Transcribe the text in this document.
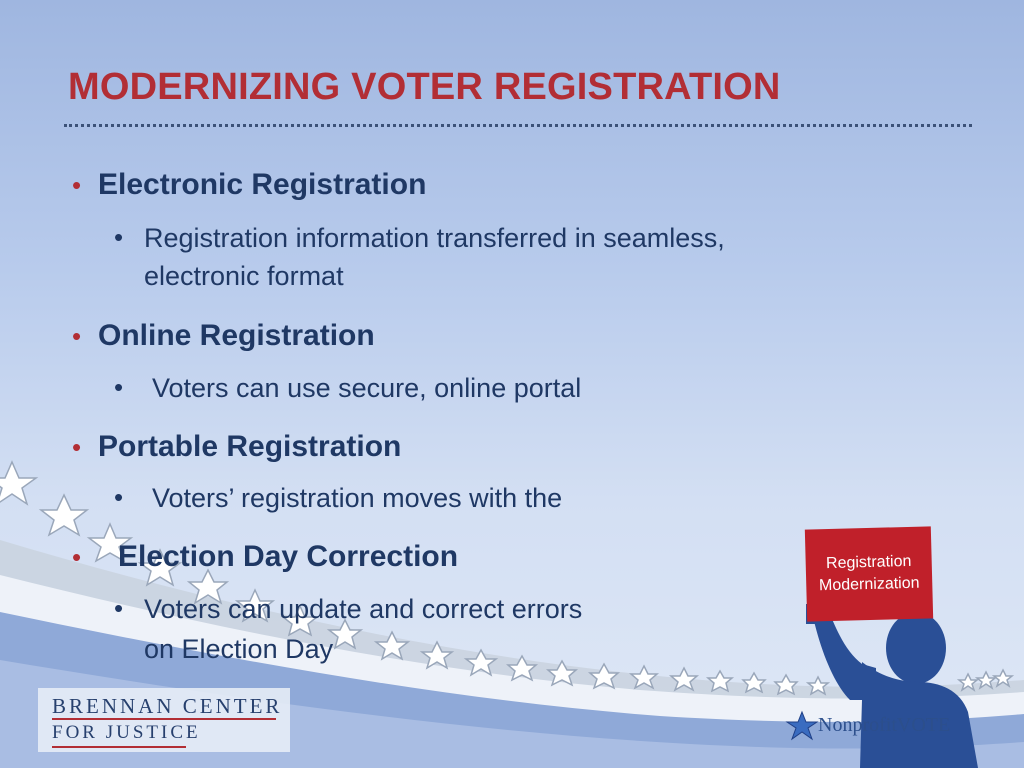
MODERNIZING VOTER REGISTRATION
• Electronic Registration
• Registration information transferred in seamless,
electronic format
• Online Registration
• Voters can use secure, online portal
• Portable Registration
• Voters’ registration moves with the
• Election Day Correction
• Voters can update and correct errors
on Election Day
Registration
Modernization
BRENNAN CENTER
FOR JUSTICE	NonprofitVOTE
